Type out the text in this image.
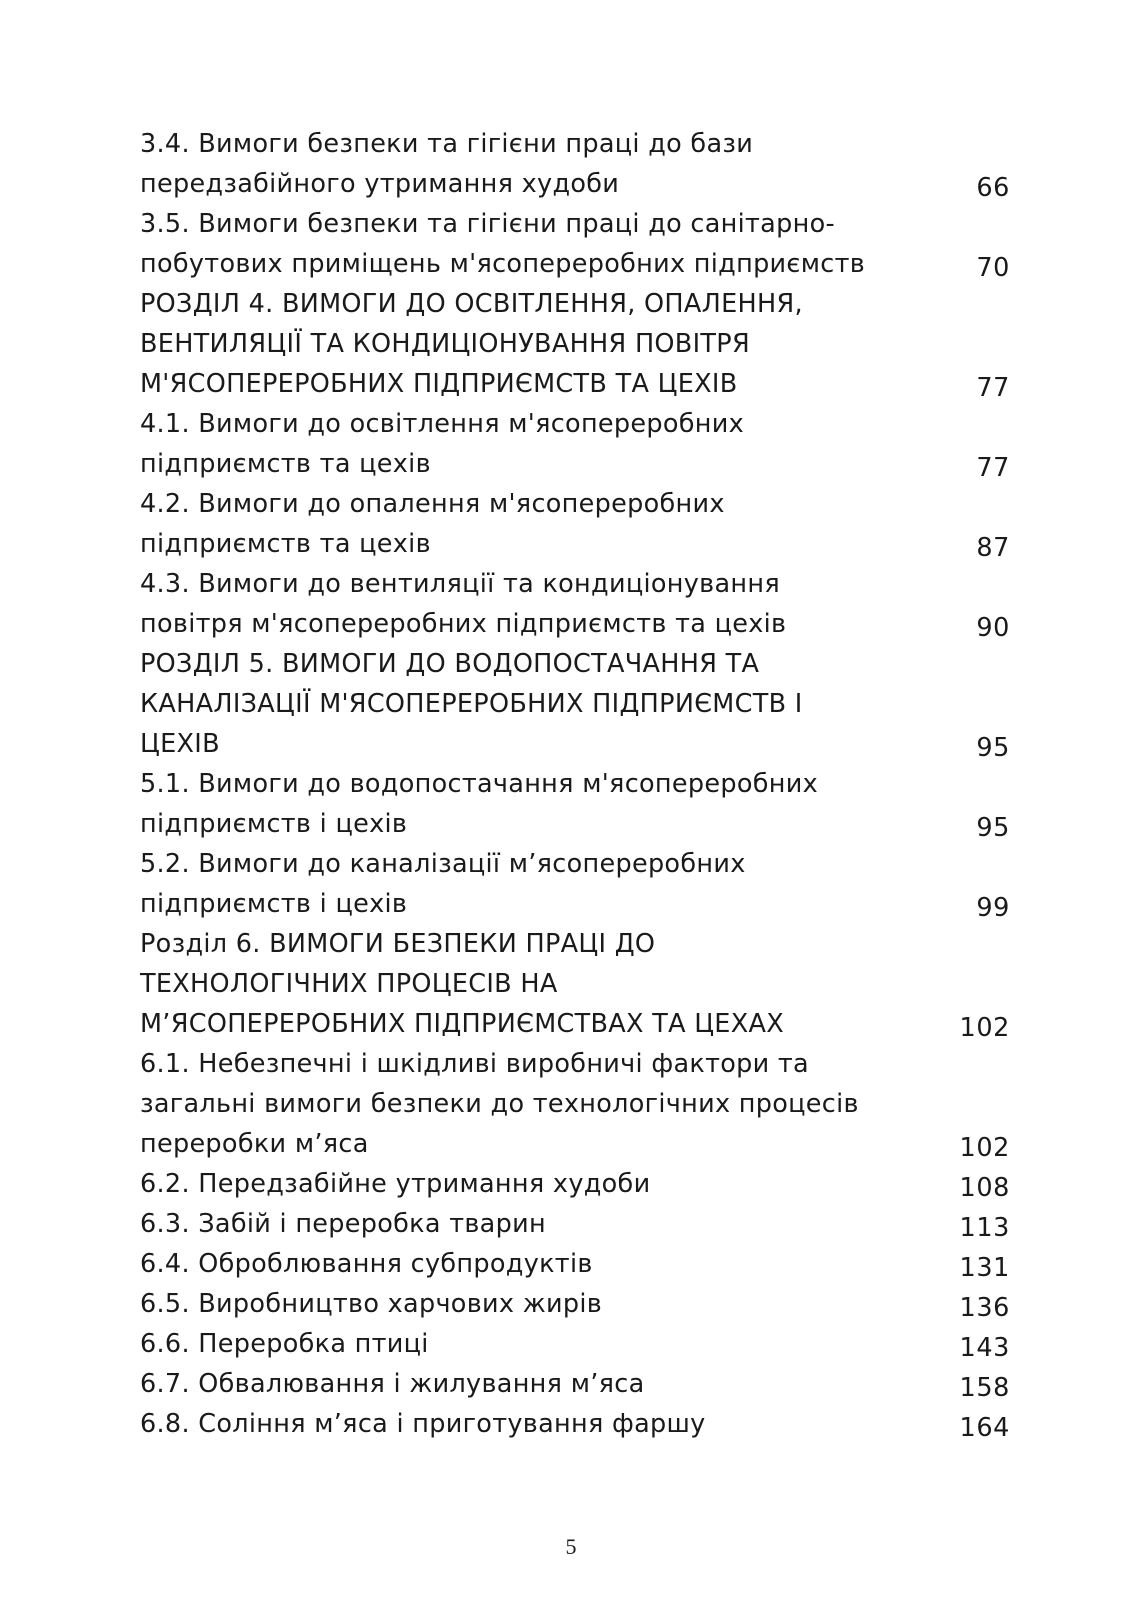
3.4. Вимоги безпеки та гігієни праці до бази
передзабійного утримання худоби	66
3.5. Вимоги безпеки та гігієни праці до санітарно-
побутових приміщень м'ясопереробних підприємств	70
РОЗДІЛ 4. ВИМОГИ ДО ОСВІТЛЕННЯ, ОПАЛЕННЯ,
ВЕНТИЛЯЦІЇ ТА КОНДИЦІОНУВАННЯ ПОВІТРЯ
М'ЯСОПЕРЕРОБНИХ ПІДПРИЄМСТВ ТА ЦЕХІВ	77
4.1. Вимоги до освітлення м'ясопереробних
підприємств та цехів	77
4.2. Вимоги до опалення м'ясопереробних
підприємств та цехів	87
4.3. Вимоги до вентиляції та кондиціонування
повітря м'ясопереробних підприємств та цехів	90
РОЗДІЛ 5. ВИМОГИ ДО ВОДОПОСТАЧАННЯ ТА
КАНАЛІЗАЦІЇ М'ЯСОПЕРЕРОБНИХ ПІДПРИЄМСТВ І
ЦЕХІВ	95
5.1. Вимоги до водопостачання м'ясопереробних
підприємств і цехів	95
5.2. Вимоги до каналізації м’ясопереробних
підприємств і цехів	99
Розділ 6. ВИМОГИ БЕЗПЕКИ ПРАЦІ ДО
ТЕХНОЛОГІЧНИХ ПРОЦЕСІВ НА
М’ЯСОПЕРЕРОБНИХ ПІДПРИЄМСТВАХ ТА ЦЕХАХ	102
6.1. Небезпечні і шкідливі виробничі фактори та
загальні вимоги безпеки до технологічних процесів
переробки м’яса	102
6.2. Передзабійне утримання худоби	108
6.3. Забій і переробка тварин	113
6.4. Оброблювання субпродуктів	131
6.5. Виробництво харчових жирів	136
6.6. Переробка птиці	143
6.7. Обвалювання і жилування м’яса	158
6.8. Соління м’яса і приготування фаршу	164
5
